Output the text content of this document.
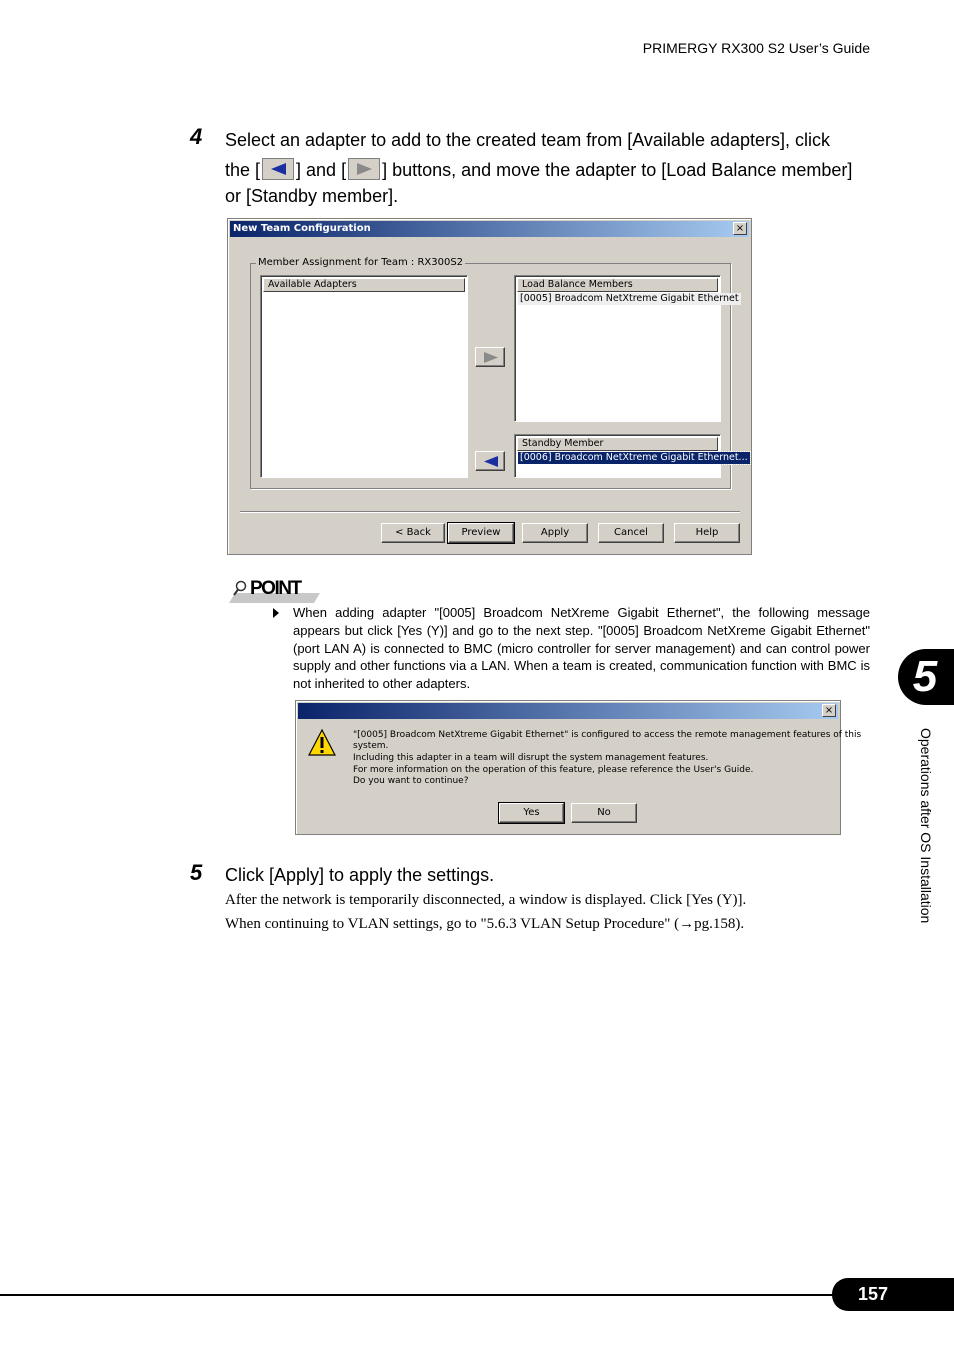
PRIMERGY RX300 S2 User’s Guide
4 Select an adapter to add to the created team from [Available adapters], click
the [ ] and [ ] buttons, and move the adapter to [Load Balance member]
or [Standby member].
New Team Configuration	×
Member Assignment for Team : RX300S2
Available Adapters	Load Balance Members
[0005] Broadcom NetXtreme Gigabit Ethernet
Standby Member
[0006] Broadcom NetXtreme Gigabit Ethernet...
< Back	Preview	Apply	Cancel	Help
POINT
When adding adapter "[0005] Broadcom NetXreme Gigabit Ethernet", the following message appears but click [Yes (Y)] and go to the next step. "[0005] Broadcom NetXreme Gigabit Ethernet" (port LAN A) is connected to BMC (micro controller for server management) and can control power supply and other functions via a LAN. When a team is created, communication function with BMC is not inherited to other adapters.
×
"[0005] Broadcom NetXtreme Gigabit Ethernet" is configured to access the remote management features of this
system.
Including this adapter in a team will disrupt the system management features.
For more information on the operation of this feature, please reference the User's Guide.
Do you want to continue?
Yes	No
5 Click [Apply] to apply the settings.
After the network is temporarily disconnected, a window is displayed. Click [Yes (Y)].
When continuing to VLAN settings, go to "5.6.3 VLAN Setup Procedure" (→pg.158).
5
Operations after OS Installation
157
